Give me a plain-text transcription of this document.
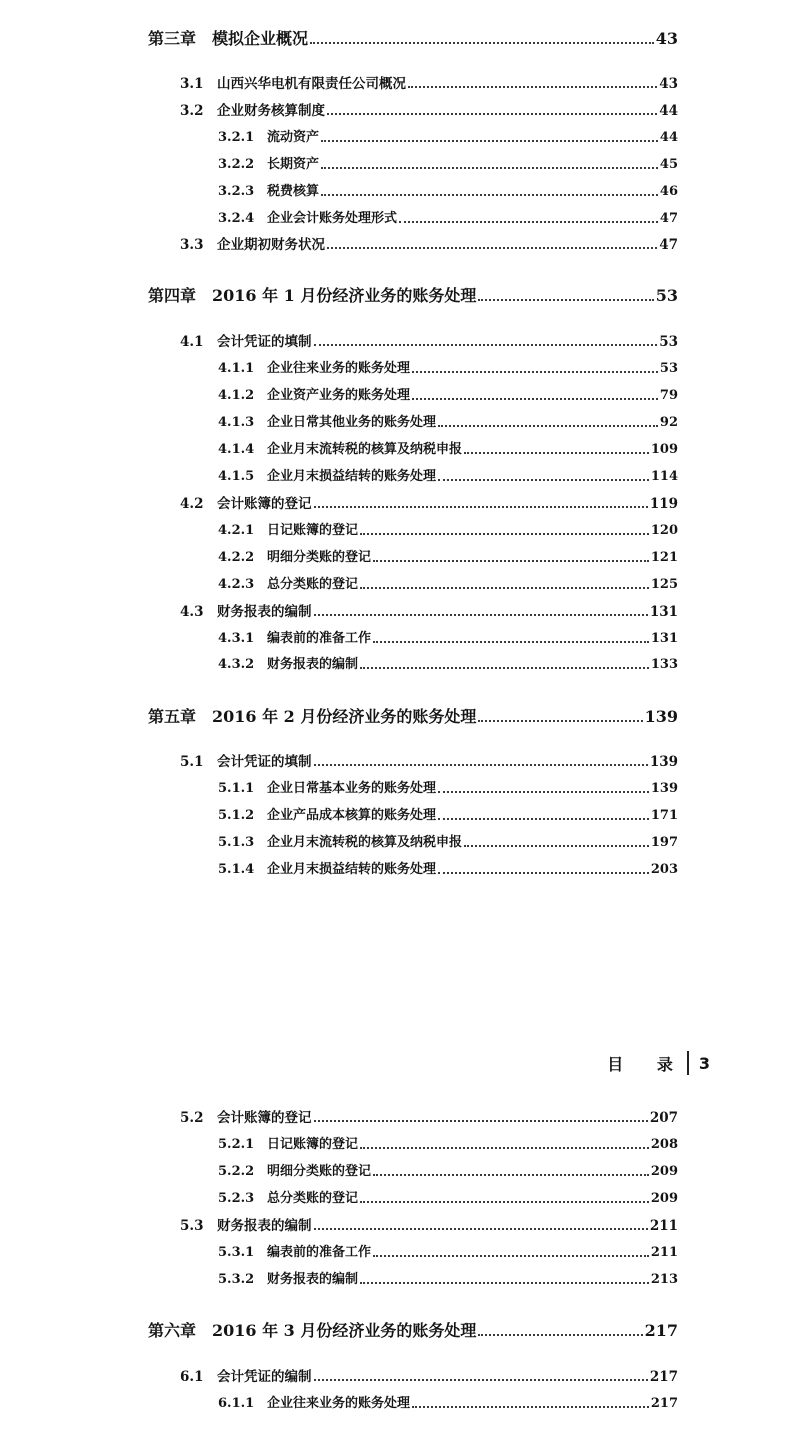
第三章　模拟企业概况	43
3.1	山西兴华电机有限责任公司概况	43
3.2	企业财务核算制度	44
3.2.1 流动资产	44
3.2.2 长期资产	45
3.2.3 税费核算	46
3.2.4 企业会计账务处理形式	47
3.3	企业期初财务状况	47
第四章　2016 年 1 月份经济业务的账务处理	53
4.1	会计凭证的填制	53
4.1.1 企业往来业务的账务处理	53
4.1.2 企业资产业务的账务处理	79
4.1.3 企业日常其他业务的账务处理	92
4.1.4 企业月末流转税的核算及纳税申报	109
4.1.5 企业月末损益结转的账务处理	114
4.2	会计账簿的登记	119
4.2.1 日记账簿的登记	120
4.2.2 明细分类账的登记	121
4.2.3 总分类账的登记	125
4.3	财务报表的编制	131
4.3.1 编表前的准备工作	131
4.3.2 财务报表的编制	133
第五章　2016 年 2 月份经济业务的账务处理	139
5.1	会计凭证的填制	139
5.1.1 企业日常基本业务的账务处理	139
5.1.2 企业产品成本核算的账务处理	171
5.1.3 企业月末流转税的核算及纳税申报	197
5.1.4 企业月末损益结转的账务处理	203
目 录 3
5.2	会计账簿的登记	207
5.2.1 日记账簿的登记	208
5.2.2 明细分类账的登记	209
5.2.3 总分类账的登记	209
5.3	财务报表的编制	211
5.3.1 编表前的准备工作	211
5.3.2 财务报表的编制	213
第六章　2016 年 3 月份经济业务的账务处理	217
6.1	会计凭证的编制	217
6.1.1 企业往来业务的账务处理	217
